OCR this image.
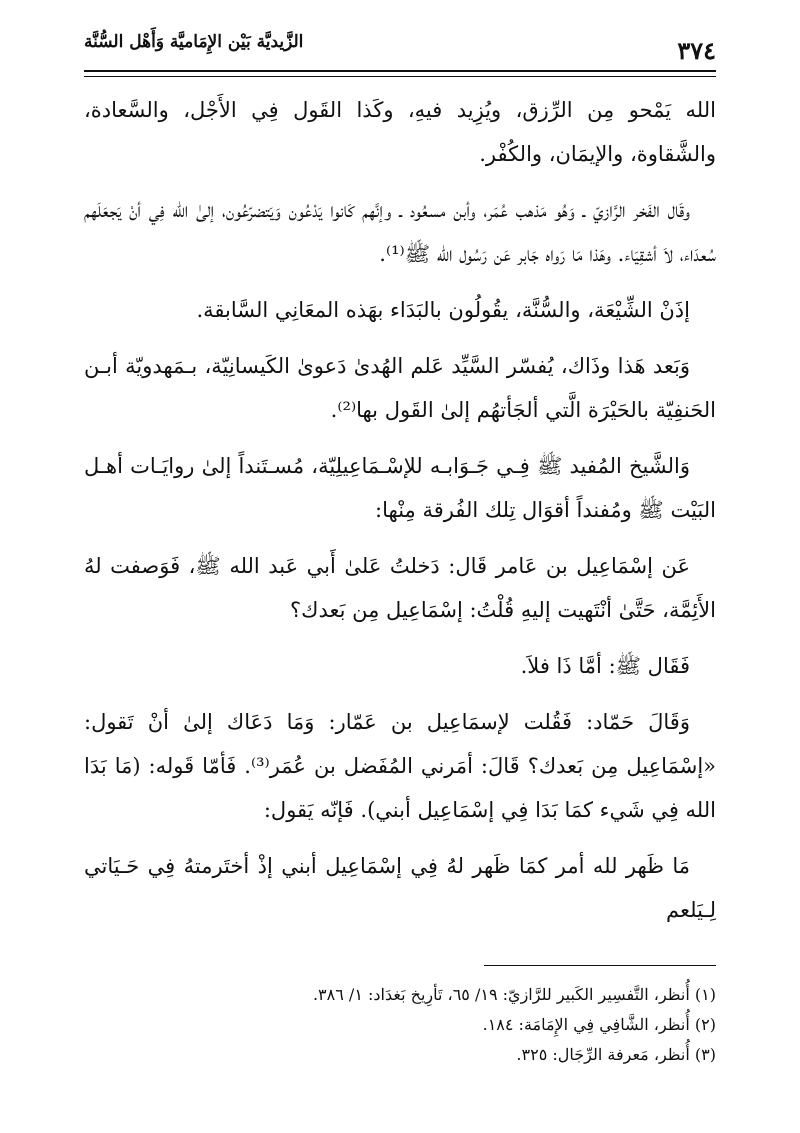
٣٧٤
الزَّيديَّة بَيْن الإِمَاميَّة وَأَهْل السُّنَّة

الله يَمْحو مِن الرِّزق، ويُزِيد فيهِ، وكَذا القَول فِي الأَجْل، والسَّعادة، والشَّقاوة، والإيمَان، والكُفْر.

وقَال الفَخر الرَّازيّ ـ وَهُو مَذهب عُمَر، وأبن مسعُود ـ وإنَّهم كَانوا يَدْعُون وَيَتضرّعُون، إلىٰ الله فِي أنْ يَجعَلَهم سُعدَاء، لاَ أشقِيَاء. وهَذا مَا رَواه جَابر عَن رَسُول الله ﷺ⁽¹⁾.

إذَنْ الشِّيْعَة، والسُّنَّة، يقُولُون بالبَدَاء بهَذه المعَانِي السَّابقة.

وَبَعد هَذا وذَاك، يُفسّر السَّيِّد عَلم الهُدىٰ دَعوىٰ الكَيسانِيّة، بـمَهدويّة أبـن الحَنفِيّة بالحَيْرَة الَّتي ألجَأتهُم إلىٰ القَول بها⁽²⁾.

وَالشَّيخ المُفيد ﷺ فِـي جَـوَابـه للإسْـمَاعِيلِيّة، مُسـتَنداً إلىٰ روايَـات أهـل البَيْت ﷺ ومُفنداً أقوَال تِلك الفُرقة مِنْها:

عَن إسْمَاعِيل بن عَامر قَال: دَخلتُ عَلىٰ أَبي عَبد الله ﷺ، فَوَصفت لهُ الأَئِمَّة، حَتَّىٰ أنْتَهيت إليهِ قُلْتُ: إسْمَاعِيل مِن بَعدك؟

فَقَال ﷺ: أمَّا ذَا فلاَ.

وَقَالَ حَمّاد: فَقُلت لإسمَاعِيل بن عَمّار: وَمَا دَعَاك إلىٰ أنْ تَقول: «إسْمَاعِيل مِن بَعدك؟ قَالَ: أمَرني المُفَضل بن عُمَر⁽³⁾. فَأمّا قَوله: (مَا بَدَا الله فِي شَيء كمَا بَدَا فِي إسْمَاعِيل أبني). فَإنّه يَقول:

مَا ظَهر لله أمر كمَا ظَهر لهُ فِي إسْمَاعِيل أبني إذْ أختَرمتهُ فِي حَـيَاتي لِـيَلعم

(١) أُنظر، التَّفسِير الكَبير للرَّازيّ: ١٩/ ٦٥، تَأرِيخ بَغدَاد: ١/ ٣٨٦.

(٢) أُنظر، الشَّافِي فِي الإِمَامَة: ١٨٤.

(٣) أُنظر، مَعرفة الرِّجَال: ٣٢٥.
